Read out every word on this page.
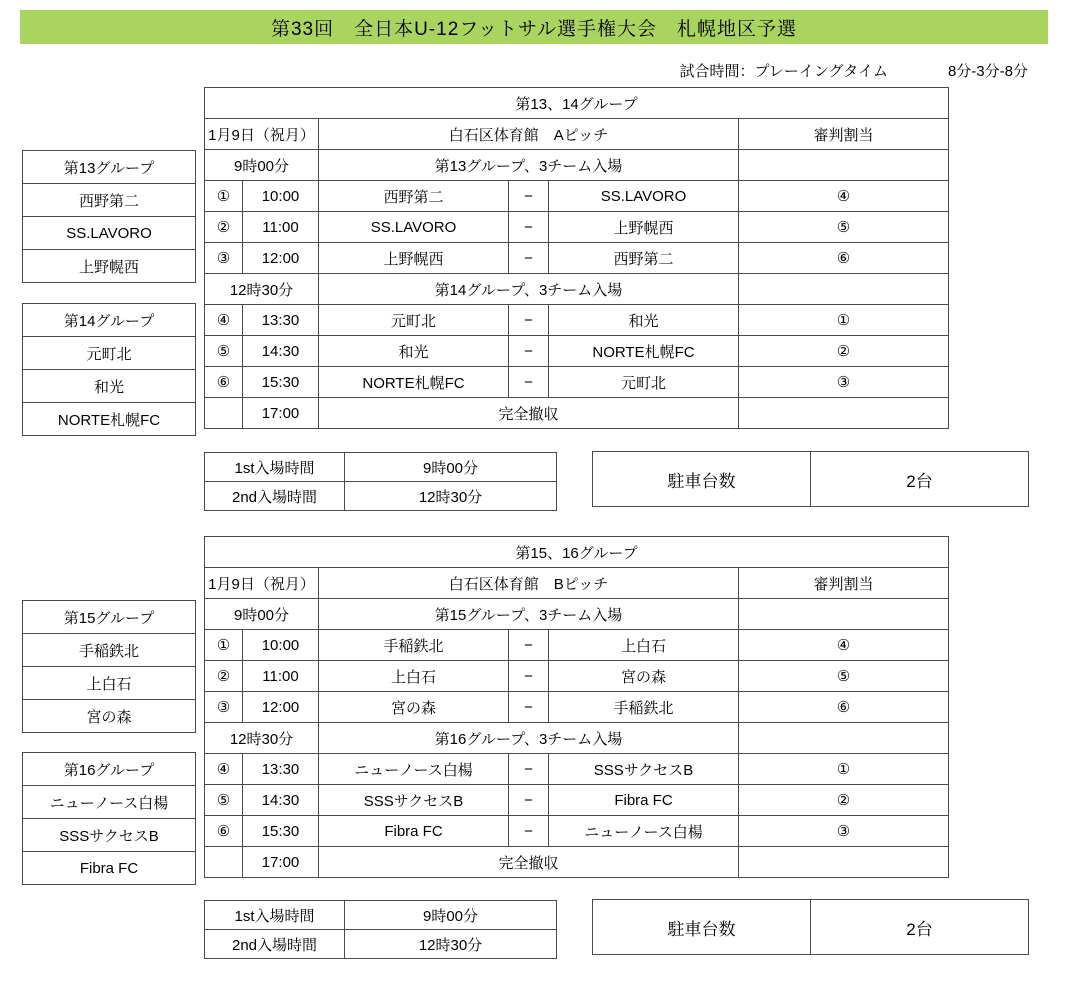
第33回　全日本U-12フットサル選手権大会　札幌地区予選
試合時間：プレーイングタイム	8分-3分-8分
第13グループ
西野第二
SS.LAVORO
上野幌西
第14グループ
元町北
和光
NORTE札幌FC
第13、14グループ					
1月9日（祝月）		白石区体育館　Aピッチ			審判割当
9時00分		第13グループ、3チーム入場			
①	10:00	西野第二	−	SS.LAVORO	④
②	11:00	SS.LAVORO	−	上野幌西	⑤
③	12:00	上野幌西	−	西野第二	⑥
12時30分		第14グループ、3チーム入場			
④	13:30	元町北	−	和光	①
⑤	14:30	和光	−	NORTE札幌FC	②
⑥	15:30	NORTE札幌FC	−	元町北	③
	17:00	完全撤収			
1st入場時間	9時00分
2nd入場時間	12時30分
駐車台数	2台
第15グループ
手稲鉄北
上白石
宮の森
第16グループ
ニューノース白楊
SSSサクセスB
Fibra FC
第15、16グループ					
1月9日（祝月）		白石区体育館　Bピッチ			審判割当
9時00分		第15グループ、3チーム入場			
①	10:00	手稲鉄北	−	上白石	④
②	11:00	上白石	−	宮の森	⑤
③	12:00	宮の森	−	手稲鉄北	⑥
12時30分		第16グループ、3チーム入場			
④	13:30	ニューノース白楊	−	SSSサクセスB	①
⑤	14:30	SSSサクセスB	−	Fibra FC	②
⑥	15:30	Fibra FC	−	ニューノース白楊	③
	17:00	完全撤収			
1st入場時間	9時00分
2nd入場時間	12時30分
駐車台数	2台
